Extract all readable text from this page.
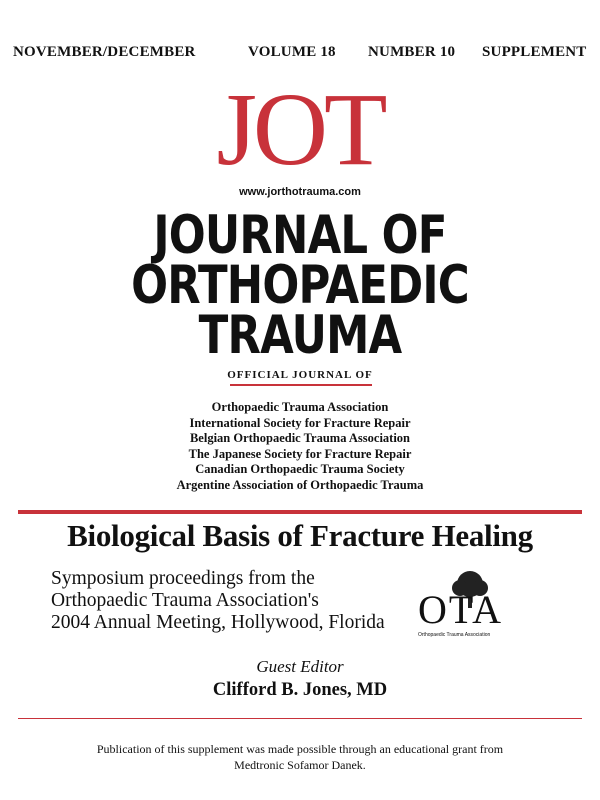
NOVEMBER/DECEMBER	VOLUME 18 NUMBER 10 SUPPLEMENT
JOT
www.jorthotrauma.com
JOURNAL OF
ORTHOPAEDIC
TRAUMA
OFFICIAL JOURNAL OF
Orthopaedic Trauma Association
International Society for Fracture Repair
Belgian Orthopaedic Trauma Association
The Japanese Society for Fracture Repair
Canadian Orthopaedic Trauma Society
Argentine Association of Orthopaedic Trauma
Biological Basis of Fracture Healing
Symposium proceedings from the
Orthopaedic Trauma Association's
2004 Annual Meeting, Hollywood, Florida OTA
Orthopaedic Trauma Association
Guest Editor
Clifford B. Jones, MD
Publication of this supplement was made possible through an educational grant from
Medtronic Sofamor Danek.
